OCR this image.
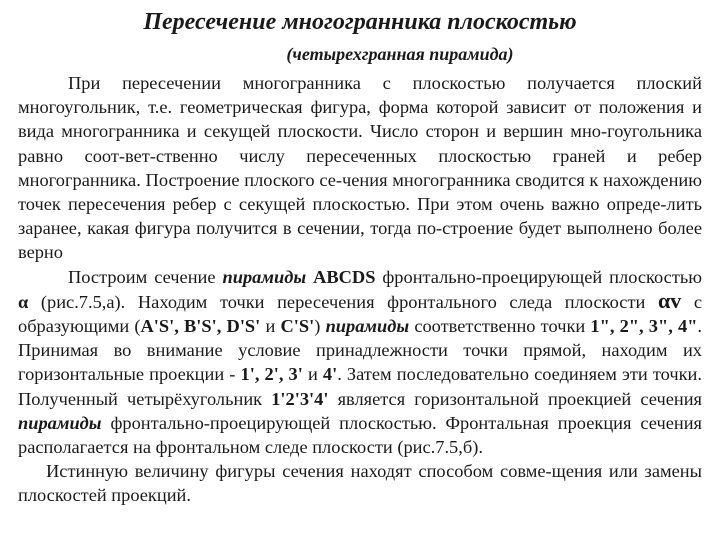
Пересечение многогранника плоскостью
(четырехгранная пирамида)

При пересечении многогранника с плоскостью получается плоский многоугольник, т.е. геометрическая фигура, форма которой зависит от положения и вида многогранника и секущей плоскости. Число сторон и вершин мно-гоугольника равно соот-вет-ственно числу пересеченных плоскостью граней и ребер многогранника. Построение плоского се-чения многогранника сводится к нахождению точек пересечения ребер с секущей плоскостью. При этом очень важно опреде-лить заранее, какая фигура получится в сечении, тогда по-строение будет выполнено более верно

Построим сечение пирамиды ABCDS фронтально-проецирующей плоскостью α (рис.7.5,а). Находим точки пересечения фронтального следа плоскости αv с образующими (A'S', B'S', D'S' и C'S') пирамиды соответственно точки 1", 2", 3", 4". Принимая во внимание условие принадлежности точки прямой, находим их горизонтальные проекции - 1', 2', 3' и 4'. Затем последовательно соединяем эти точки. Полученный четырёхугольник 1'2'3'4' является горизонтальной проекцией сечения пирамиды фронтально-проецирующей плоскостью. Фронтальная проекция сечения располагается на фронтальном следе плоскости (рис.7.5,б).

Истинную величину фигуры сечения находят способом совме-щения или замены плоскостей проекций.
